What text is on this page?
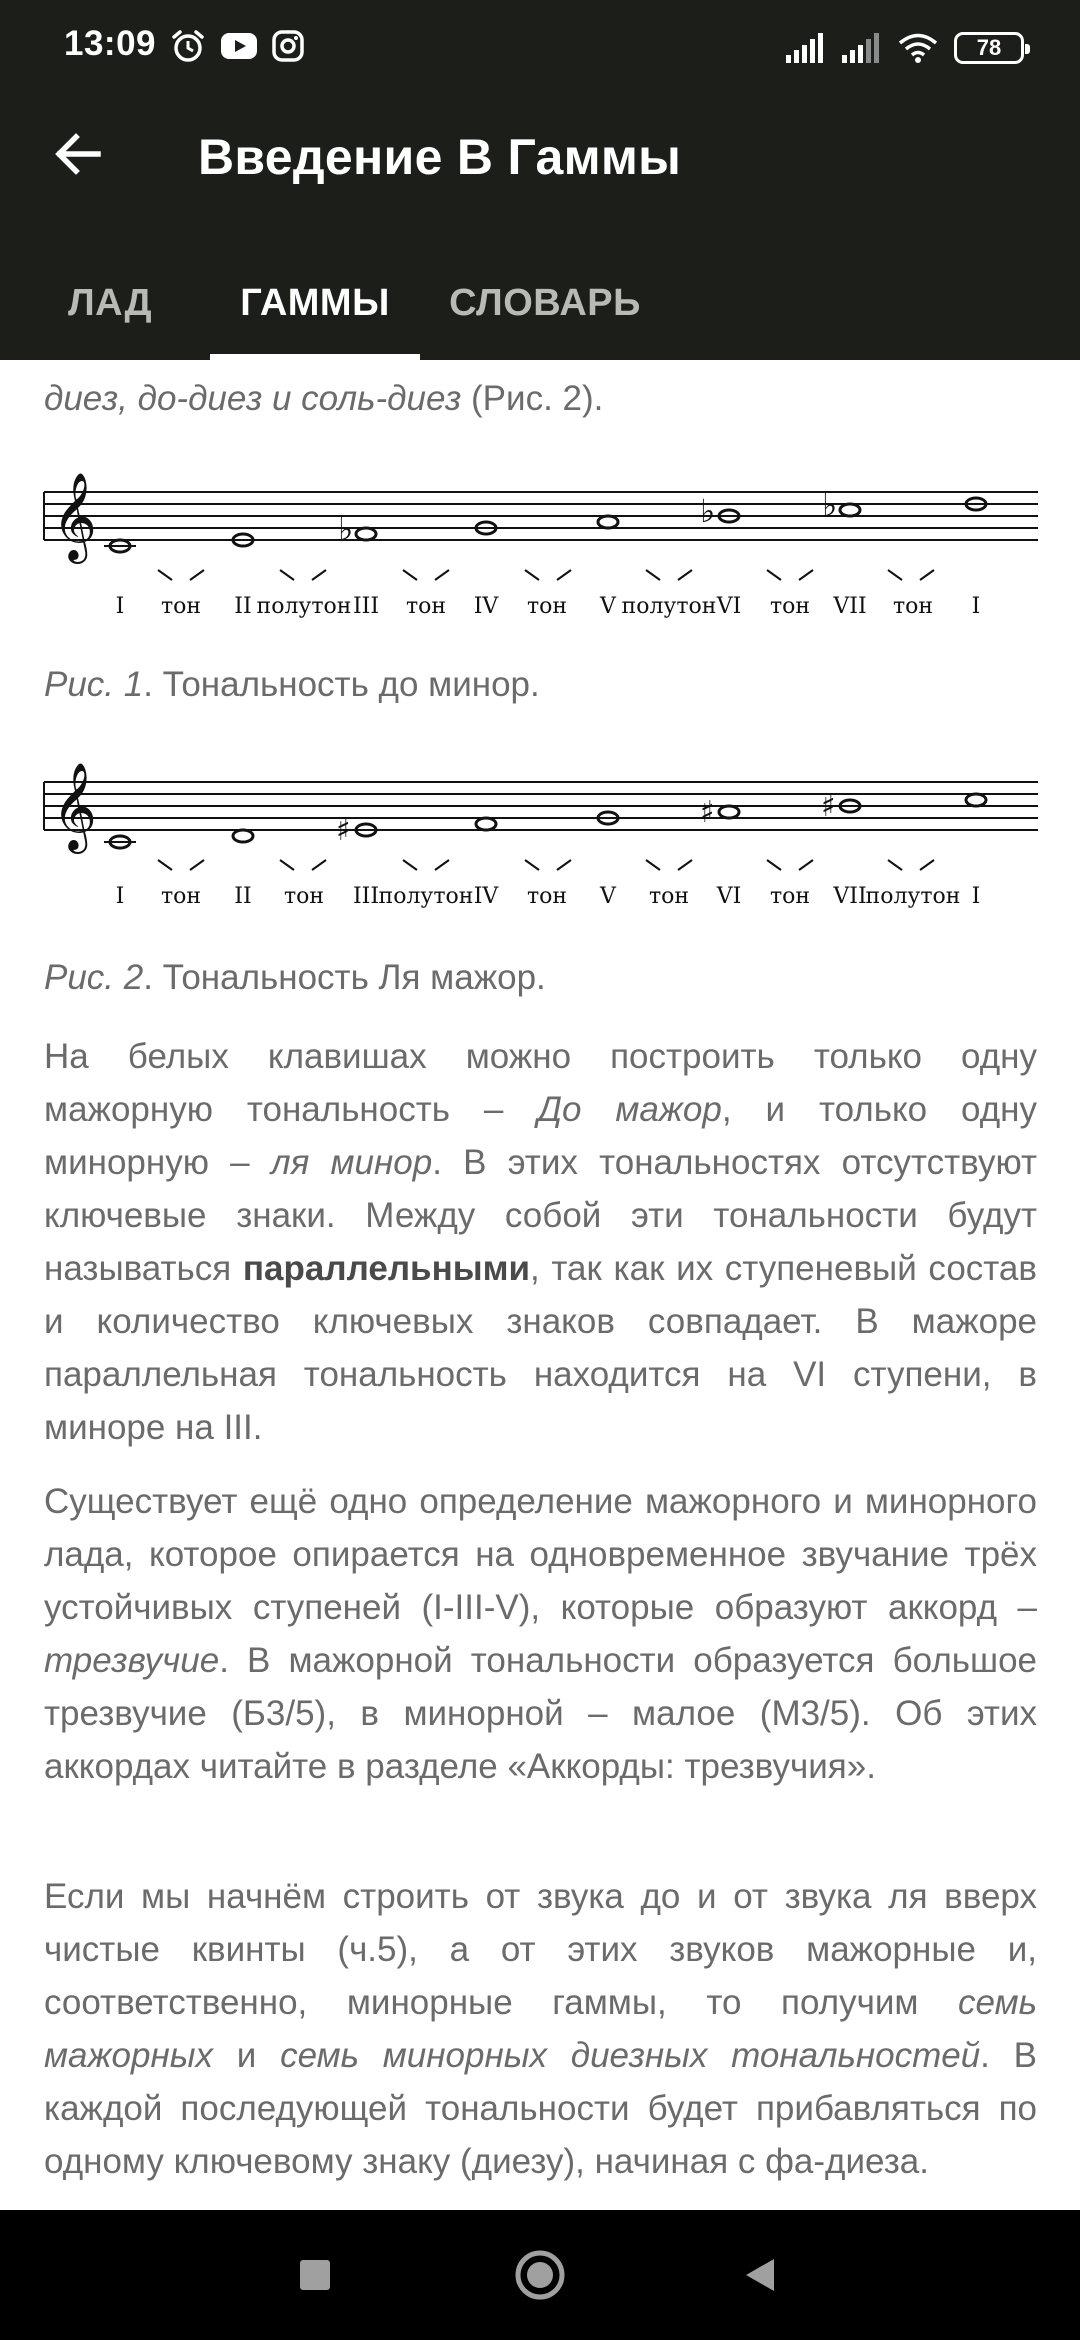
13:09	78
Введение В Гаммы
ЛАД	ГАММЫ	СЛОВАРЬ
диез, до-диез и соль-диез (Рис. 2).
𝄞	♭	♭	♭
I тон II полутон III тон IV тон V полутон VI тон VII тон I
Рис. 1. Тональность до минор.
𝄞	♯
♯	♯
I тон II тон III полутон IV тон V тон VI тон VII
полутон I
Рис. 2. Тональность Ля мажор.
На белых клавишах можно построить только одну мажорную тональность – До мажор, и только одну минорную – ля минор. В этих тональностях отсутствуют ключевые знаки. Между собой эти тональности будут называться параллельными, так как их ступеневый состав и количество ключевых знаков совпадает. В мажоре параллельная тональность находится на VI ступени, в миноре на III.
Существует ещё одно определение мажорного и минорного лада, которое опирается на одновременное звучание трёх устойчивых ступеней (I-III-V), которые образуют аккорд – трезвучие. В мажорной тональности образуется большое трезвучие (Б3/5), в минорной – малое (М3/5). Об этих аккордах читайте в разделе «Аккорды: трезвучия».
Если мы начнём строить от звука до и от звука ля вверх чистые квинты (ч.5), а от этих звуков мажорные и, соответственно, минорные гаммы, то получим семь мажорных и семь минорных диезных тональностей. В каждой последующей тональности будет прибавляться по одному ключевому знаку (диезу), начиная с фа-диеза.
